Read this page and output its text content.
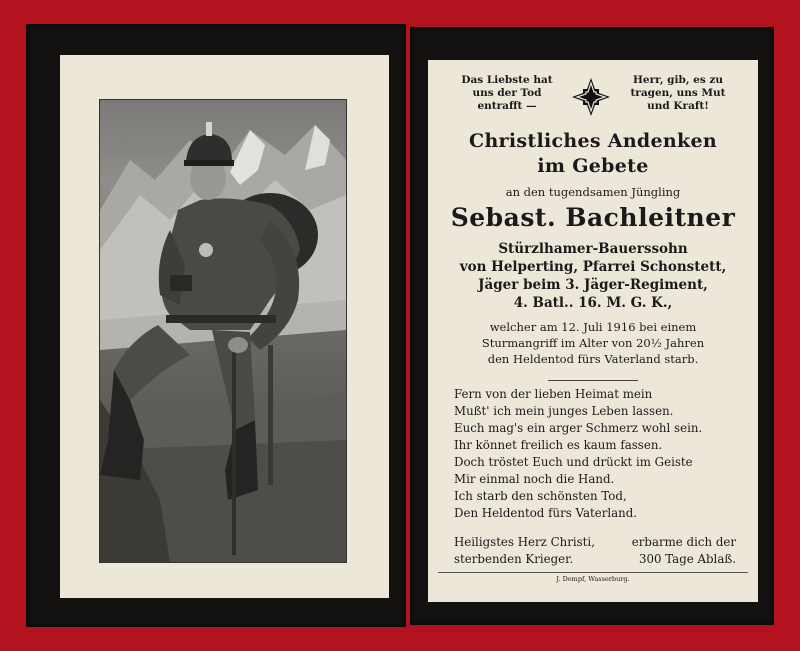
Das Liebste hat
uns der Tod
entrafft —
Herr, gib, es zu
tragen, uns Mut
und Kraft!
Christliches Andenken
im Gebete
an den tugendsamen Jüngling
Sebast. Bachleitner
Stürzlhamer-Bauerssohn
von Helperting, Pfarrei Schonstett,
Jäger beim 3. Jäger-Regiment,
4. Batl.. 16. M. G. K.,
welcher am 12. Juli 1916 bei einem
Sturmangriff im Alter von 20½ Jahren
den Heldentod fürs Vaterland starb.
Fern von der lieben Heimat mein
Mußt' ich mein junges Leben lassen.
Euch mag's ein arger Schmerz wohl sein.
Ihr könnet freilich es kaum fassen.
Doch tröstet Euch und drückt im Geiste
Mir einmal noch die Hand.
Ich starb den schönsten Tod,
Den Heldentod fürs Vaterland.
Heiligstes Herz Christi,	erbarme dich der
sterbenden Krieger.	300 Tage Ablaß.
J. Dempf, Wasserburg.
